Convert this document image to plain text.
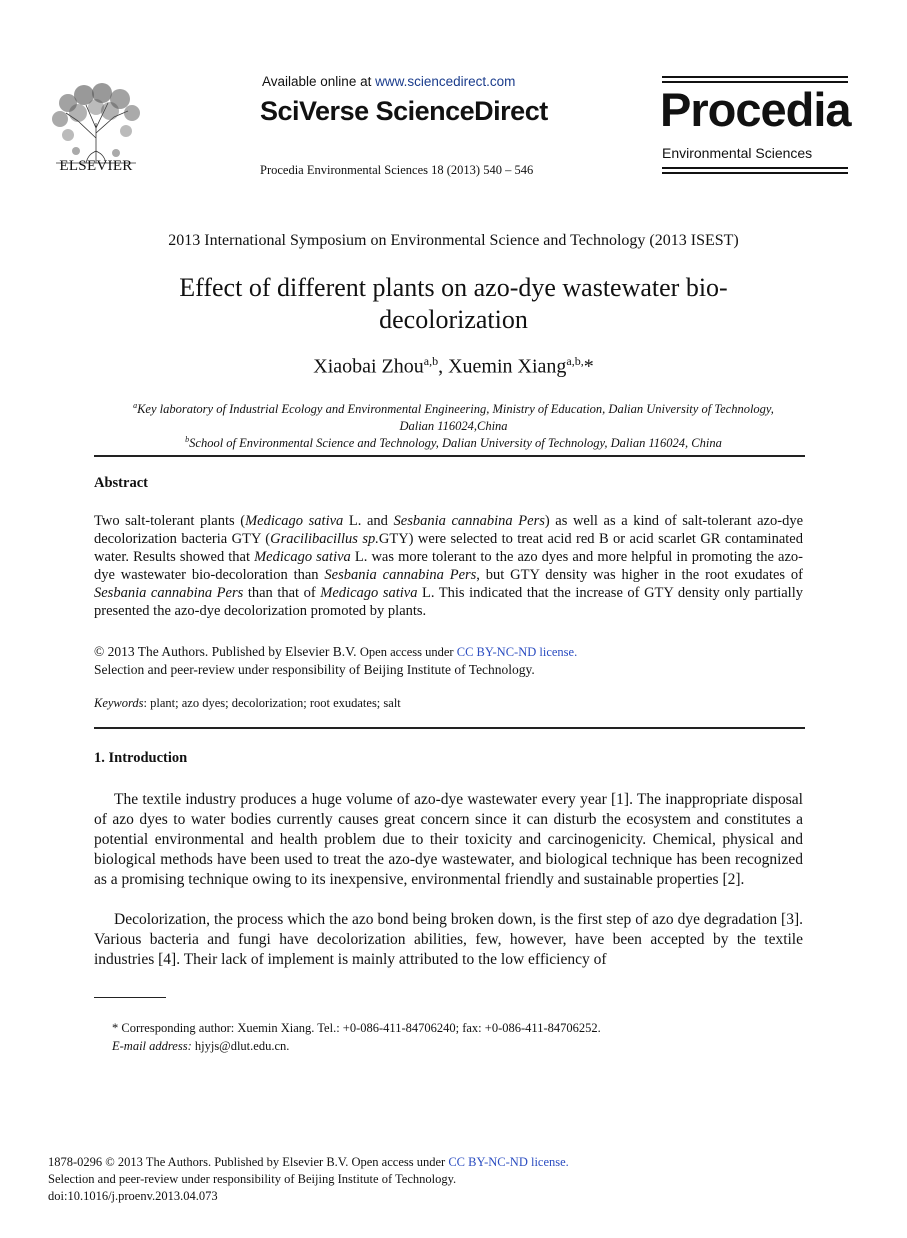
ELSEVIER
Available online at www.sciencedirect.com
SciVerse ScienceDirect
Procedia Environmental Sciences 18 (2013) 540 – 546
Procedia
Environmental Sciences
2013 International Symposium on Environmental Science and Technology (2013 ISEST)
Effect of different plants on azo-dye wastewater bio-
decolorization
Xiaobai Zhou$^{a,b}$, Xuemin Xiang$^{a,b,}$*
$^a$Key laboratory of Industrial Ecology and Environmental Engineering, Ministry of Education, Dalian University of Technology,
Dalian 116024,China
$^b$School of Environmental Science and Technology, Dalian University of Technology, Dalian 116024, China
Abstract
Two salt-tolerant plants (Medicago sativa L. and Sesbania cannabina Pers) as well as a kind of salt-tolerant azo-dye decolorization bacteria GTY (Gracilibacillus sp.GTY) were selected to treat acid red B or acid scarlet GR contaminated water. Results showed that Medicago sativa L. was more tolerant to the azo dyes and more helpful in promoting the azo-dye wastewater bio-decoloration than Sesbania cannabina Pers, but GTY density was higher in the root exudates of Sesbania cannabina Pers than that of Medicago sativa L. This indicated that the increase of GTY density only partially presented the azo-dye decolorization promoted by plants.
© 2013 The Authors. Published by Elsevier B.V. Open access under CC BY-NC-ND license.
Selection and peer-review under responsibility of Beijing Institute of Technology.
Keywords: plant; azo dyes; decolorization; root exudates; salt
1. Introduction
The textile industry produces a huge volume of azo-dye wastewater every year [1]. The inappropriate disposal of azo dyes to water bodies currently causes great concern since it can disturb the ecosystem and constitutes a potential environmental and health problem due to their toxicity and carcinogenicity. Chemical, physical and biological methods have been used to treat the azo-dye wastewater, and biological technique has been recognized as a promising technique owing to its inexpensive, environmental friendly and sustainable properties [2].
Decolorization, the process which the azo bond being broken down, is the first step of azo dye degradation [3]. Various bacteria and fungi have decolorization abilities, few, however, have been accepted by the textile industries [4]. Their lack of implement is mainly attributed to the low efficiency of
* Corresponding author: Xuemin Xiang. Tel.: +0-086-411-84706240; fax: +0-086-411-84706252.
E-mail address: hjyjs@dlut.edu.cn.
1878-0296 © 2013 The Authors. Published by Elsevier B.V. Open access under CC BY-NC-ND license.
Selection and peer-review under responsibility of Beijing Institute of Technology.
doi:10.1016/j.proenv.2013.04.073
